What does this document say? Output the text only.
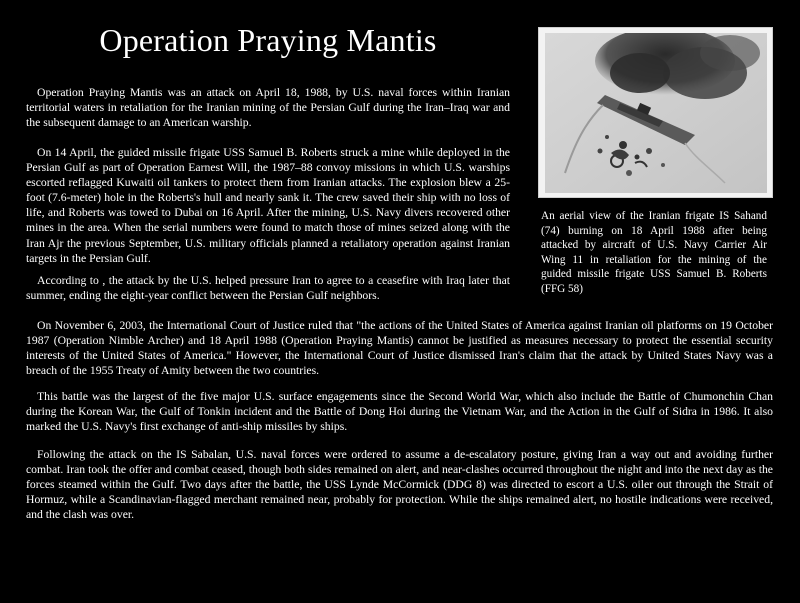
Operation Praying Mantis

Operation Praying Mantis was an attack on April 18, 1988, by U.S. naval forces within Iranian territorial waters in retaliation for the Iranian mining of the Persian Gulf during the Iran–Iraq war and the subsequent damage to an American warship.

On 14 April, the guided missile frigate USS Samuel B. Roberts struck a mine while deployed in the Persian Gulf as part of Operation Earnest Will, the 1987–88 convoy missions in which U.S. warships escorted reflagged Kuwaiti oil tankers to protect them from Iranian attacks. The explosion blew a 25-foot (7.6-meter) hole in the Roberts's hull and nearly sank it. The crew saved their ship with no loss of life, and Roberts was towed to Dubai on 16 April. After the mining, U.S. Navy divers recovered other mines in the area. When the serial numbers were found to match those of mines seized along with the Iran Ajr the previous September, U.S. military officials planned a retaliatory operation against Iranian targets in the Persian Gulf.

According to , the attack by the U.S. helped pressure Iran to agree to a ceasefire with Iraq later that summer, ending the eight-year conflict between the Persian Gulf neighbors.

An aerial view of the Iranian frigate IS Sahand (74) burning on 18 April 1988 after being attacked by aircraft of U.S. Navy Carrier Air Wing 11 in retaliation for the mining of the guided missile frigate USS Samuel B. Roberts (FFG 58)

On November 6, 2003, the International Court of Justice ruled that "the actions of the United States of America against Iranian oil platforms on 19 October 1987 (Operation Nimble Archer) and 18 April 1988 (Operation Praying Mantis) cannot be justified as measures necessary to protect the essential security interests of the United States of America." However, the International Court of Justice dismissed Iran's claim that the attack by United States Navy was a breach of the 1955 Treaty of Amity between the two countries.

This battle was the largest of the five major U.S. surface engagements since the Second World War, which also include the Battle of Chumonchin Chan during the Korean War, the Gulf of Tonkin incident and the Battle of Dong Hoi during the Vietnam War, and the Action in the Gulf of Sidra in 1986. It also marked the U.S. Navy's first exchange of anti-ship missiles by ships.

Following the attack on the IS Sabalan, U.S. naval forces were ordered to assume a de-escalatory posture, giving Iran a way out and avoiding further combat. Iran took the offer and combat ceased, though both sides remained on alert, and near-clashes occurred throughout the night and into the next day as the forces steamed within the Gulf. Two days after the battle, the USS Lynde McCormick (DDG 8) was directed to escort a U.S. oiler out through the Strait of Hormuz, while a Scandinavian-flagged merchant remained near, probably for protection. While the ships remained alert, no hostile indications were received, and the clash was over.
